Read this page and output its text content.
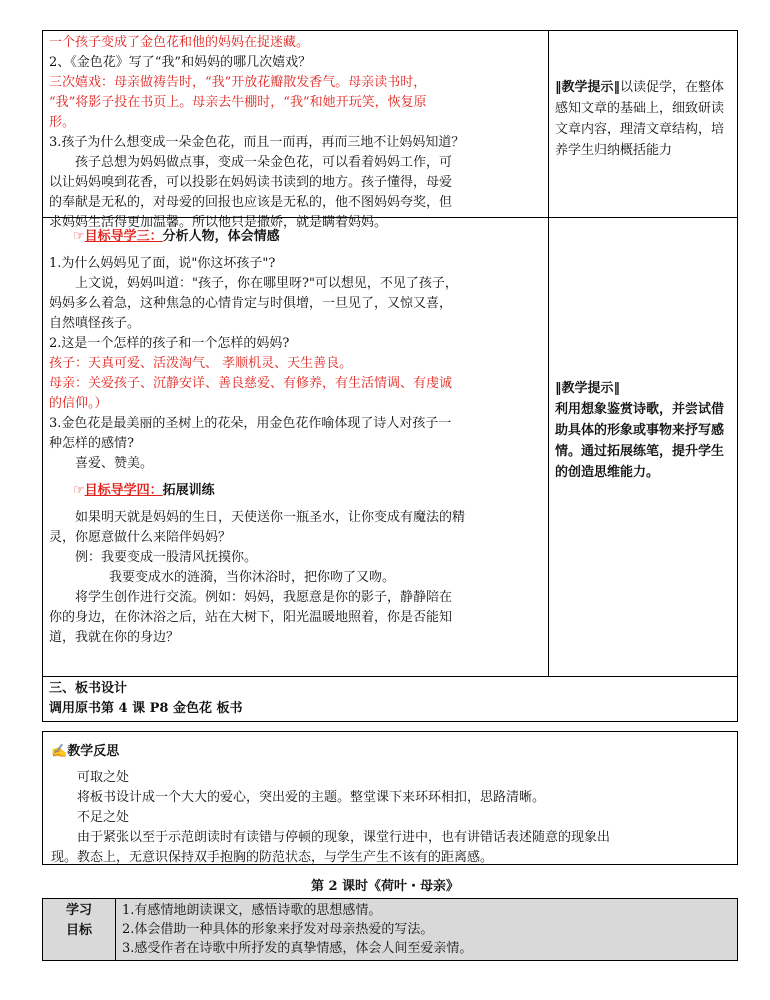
一个孩子变成了金色花和他的妈妈在捉迷藏。

2、《金色花》写了“我”和妈妈的哪几次嬉戏？

三次嬉戏：母亲做祷告时，“我”开放花瓣散发香气。母亲读书时，

“我”将影子投在书页上。母亲去牛棚时，“我”和她开玩笑，恢复原

形。

3.孩子为什么想变成一朵金色花，而且一而再，再而三地不让妈妈知道？

孩子总想为妈妈做点事，变成一朵金色花，可以看着妈妈工作，可

以让妈妈嗅到花香，可以投影在妈妈读书读到的地方。孩子懂得，母爱

的奉献是无私的，对母爱的回报也应该是无私的，他不图妈妈夸奖，但

求妈妈生活得更加温馨。所以他只是撒娇，就是瞒着妈妈。

‖教学提示‖以读促学，在整体感知文章的基础上，细致研读文章内容，理清文章结构，培养学生归纳概括能力
☞目标导学三：分析人物，体会情感

1.为什么妈妈见了面，说"你这坏孩子"?

上文说，妈妈叫道："孩子，你在哪里呀?"可以想见，不见了孩子，

妈妈多么着急，这种焦急的心情肯定与时俱增，一旦见了，又惊又喜，

自然嗔怪孩子。

2.这是一个怎样的孩子和一个怎样的妈妈?

孩子：天真可爱、活泼淘气、 孝顺机灵、天生善良。

母亲：关爱孩子、沉静安详、善良慈爱、有修养，有生活情调、有虔诚

的信仰。）

3.金色花是最美丽的圣树上的花朵，用金色花作喻体现了诗人对孩子一

种怎样的感情?

喜爱、赞美。

☞目标导学四：拓展训练

如果明天就是妈妈的生日，天使送你一瓶圣水，让你变成有魔法的精

灵，你愿意做什么来陪伴妈妈？

例：我要变成一股清风抚摸你。

我要变成水的涟漪，当你沐浴时，把你吻了又吻。

将学生创作进行交流。例如：妈妈，我愿意是你的影子，静静陪在

你的身边，在你沐浴之后，站在大树下，阳光温暖地照着，你是否能知

道，我就在你的身边？

‖教学提示‖
利用想象鉴赏诗歌，并尝试借助具体的形象或事物来抒写感情。通过拓展练笔，提升学生的创造思维能力。

三、板书设计

调用原书第 4 课 P8 金色花 板书

✍教学反思

可取之处

将板书设计成一个大大的爱心，突出爱的主题。整堂课下来环环相扣，思路清晰。

不足之处

由于紧张以至于示范朗读时有读错与停顿的现象，课堂行进中，也有讲错话表述随意的现象出

现。教态上，无意识保持双手抱胸的防范状态，与学生产生不该有的距离感。

第 2 课时《荷叶・母亲》
学习
目标

1.有感情地朗读课文，感悟诗歌的思想感情。

2.体会借助一种具体的形象来抒发对母亲热爱的写法。

3.感受作者在诗歌中所抒发的真挚情感，体会人间至爱亲情。
